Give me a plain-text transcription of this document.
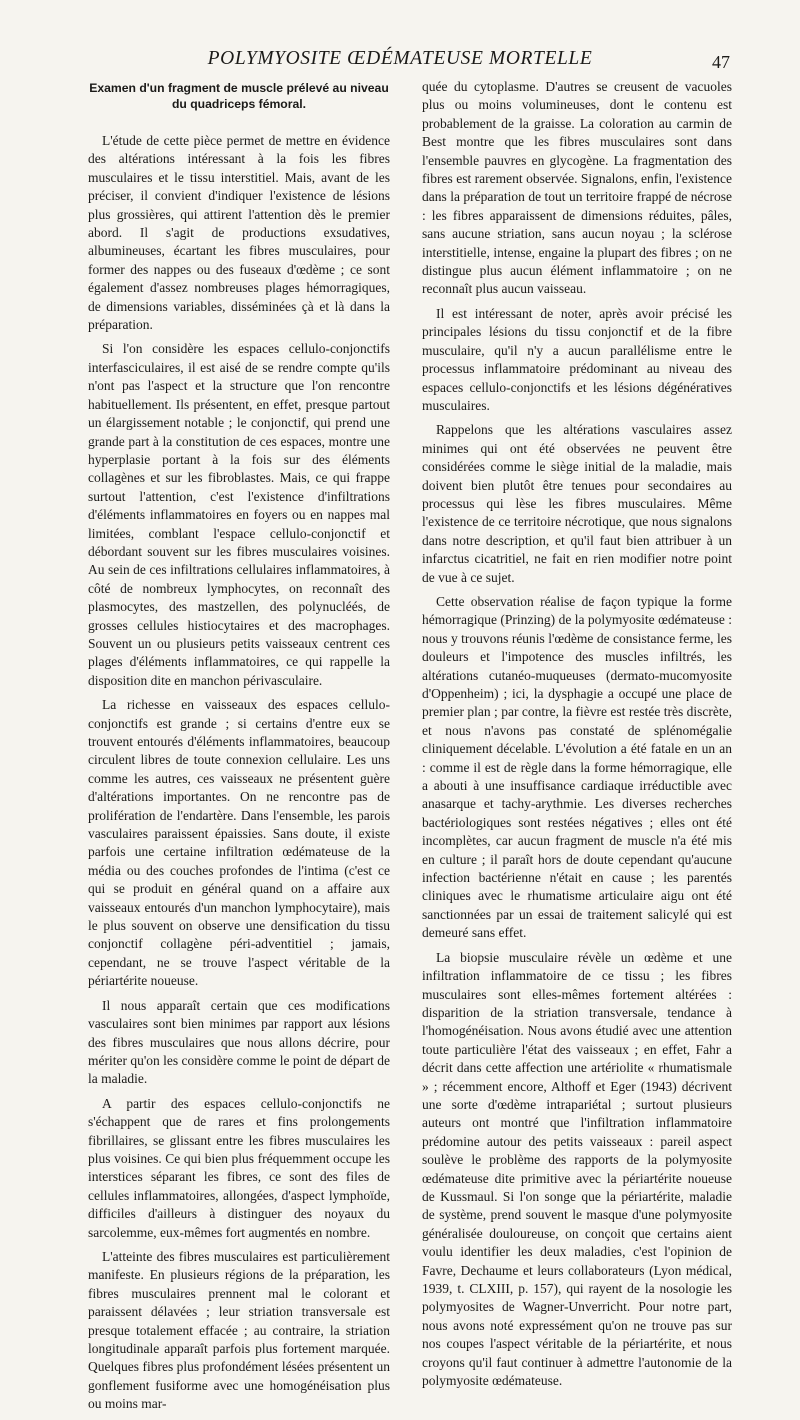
POLYMYOSITE ŒDÉMATEUSE MORTELLE	47
Examen d'un fragment de muscle prélevé au niveau du quadriceps fémoral.

L'étude de cette pièce permet de mettre en évidence des altérations intéressant à la fois les fibres musculaires et le tissu interstitiel. Mais, avant de les préciser, il convient d'indiquer l'existence de lésions plus grossières, qui attirent l'attention dès le premier abord. Il s'agit de productions exsudatives, albumineuses, écartant les fibres musculaires, pour former des nappes ou des fuseaux d'œdème ; ce sont également d'assez nombreuses plages hémorragiques, de dimensions variables, disséminées çà et là dans la préparation.

Si l'on considère les espaces cellulo-conjonctifs interfasciculaires, il est aisé de se rendre compte qu'ils n'ont pas l'aspect et la structure que l'on rencontre habituellement. Ils présentent, en effet, presque partout un élargissement notable ; le conjonctif, qui prend une grande part à la constitution de ces espaces, montre une hyperplasie portant à la fois sur des éléments collagènes et sur les fibroblastes. Mais, ce qui frappe surtout l'attention, c'est l'existence d'infiltrations d'éléments inflammatoires en foyers ou en nappes mal limitées, comblant l'espace cellulo-conjonctif et débordant souvent sur les fibres musculaires voisines. Au sein de ces infiltrations cellulaires inflammatoires, à côté de nombreux lymphocytes, on reconnaît des plasmocytes, des mastzellen, des polynucléés, de grosses cellules histiocytaires et des macrophages. Souvent un ou plusieurs petits vaisseaux centrent ces plages d'éléments inflammatoires, ce qui rappelle la disposition dite en manchon périvasculaire.

La richesse en vaisseaux des espaces cellulo-conjonctifs est grande ; si certains d'entre eux se trouvent entourés d'éléments inflammatoires, beaucoup circulent libres de toute connexion cellulaire. Les uns comme les autres, ces vaisseaux ne présentent guère d'altérations importantes. On ne rencontre pas de prolifération de l'endartère. Dans l'ensemble, les parois vasculaires paraissent épaissies. Sans doute, il existe parfois une certaine infiltration œdémateuse de la média ou des couches profondes de l'intima (c'est ce qui se produit en général quand on a affaire aux vaisseaux entourés d'un manchon lymphocytaire), mais le plus souvent on observe une densification du tissu conjonctif collagène péri-adventitiel ; jamais, cependant, ne se trouve l'aspect véritable de la périartérite noueuse.

Il nous apparaît certain que ces modifications vasculaires sont bien minimes par rapport aux lésions des fibres musculaires que nous allons décrire, pour mériter qu'on les considère comme le point de départ de la maladie.

A partir des espaces cellulo-conjonctifs ne s'échappent que de rares et fins prolongements fibrillaires, se glissant entre les fibres musculaires les plus voisines. Ce qui bien plus fréquemment occupe les interstices séparant les fibres, ce sont des files de cellules inflammatoires, allongées, d'aspect lymphoïde, difficiles d'ailleurs à distinguer des noyaux du sarcolemme, eux-mêmes fort augmentés en nombre.

L'atteinte des fibres musculaires est particulièrement manifeste. En plusieurs régions de la préparation, les fibres musculaires prennent mal le colorant et paraissent délavées ; leur striation transversale est presque totalement effacée ; au contraire, la striation longitudinale apparaît parfois plus fortement marquée. Quelques fibres plus profondément lésées présentent un gonflement fusiforme avec une homogénéisation plus ou moins mar-

quée du cytoplasme. D'autres se creusent de vacuoles plus ou moins volumineuses, dont le contenu est probablement de la graisse. La coloration au carmin de Best montre que les fibres musculaires sont dans l'ensemble pauvres en glycogène. La fragmentation des fibres est rarement observée. Signalons, enfin, l'existence dans la préparation de tout un territoire frappé de nécrose : les fibres apparaissent de dimensions réduites, pâles, sans aucune striation, sans aucun noyau ; la sclérose interstitielle, intense, engaine la plupart des fibres ; on ne distingue plus aucun élément inflammatoire ; on ne reconnaît plus aucun vaisseau.

Il est intéressant de noter, après avoir précisé les principales lésions du tissu conjonctif et de la fibre musculaire, qu'il n'y a aucun parallélisme entre le processus inflammatoire prédominant au niveau des espaces cellulo-conjonctifs et les lésions dégénératives musculaires.

Rappelons que les altérations vasculaires assez minimes qui ont été observées ne peuvent être considérées comme le siège initial de la maladie, mais doivent bien plutôt être tenues pour secondaires au processus qui lèse les fibres musculaires. Même l'existence de ce territoire nécrotique, que nous signalons dans notre description, et qu'il faut bien attribuer à un infarctus cicatritiel, ne fait en rien modifier notre point de vue à ce sujet.

Cette observation réalise de façon typique la forme hémorragique (Prinzing) de la polymyosite œdémateuse : nous y trouvons réunis l'œdème de consistance ferme, les douleurs et l'impotence des muscles infiltrés, les altérations cutanéo-muqueuses (dermato-mucomyosite d'Oppenheim) ; ici, la dysphagie a occupé une place de premier plan ; par contre, la fièvre est restée très discrète, et nous n'avons pas constaté de splénomégalie cliniquement décelable. L'évolution a été fatale en un an : comme il est de règle dans la forme hémorragique, elle a abouti à une insuffisance cardiaque irréductible avec anasarque et tachy-arythmie. Les diverses recherches bactériologiques sont restées négatives ; elles ont été incomplètes, car aucun fragment de muscle n'a été mis en culture ; il paraît hors de doute cependant qu'aucune infection bactérienne n'était en cause ; les parentés cliniques avec le rhumatisme articulaire aigu ont été sanctionnées par un essai de traitement salicylé qui est demeuré sans effet.

La biopsie musculaire révèle un œdème et une infiltration inflammatoire de ce tissu ; les fibres musculaires sont elles-mêmes fortement altérées : disparition de la striation transversale, tendance à l'homogénéisation. Nous avons étudié avec une attention toute particulière l'état des vaisseaux ; en effet, Fahr a décrit dans cette affection une artériolite « rhumatismale » ; récemment encore, Althoff et Eger (1943) décrivent une sorte d'œdème intrapariétal ; surtout plusieurs auteurs ont montré que l'infiltration inflammatoire prédomine autour des petits vaisseaux : pareil aspect soulève le problème des rapports de la polymyosite œdémateuse dite primitive avec la périartérite noueuse de Kussmaul. Si l'on songe que la périartérite, maladie de système, prend souvent le masque d'une polymyosite généralisée douloureuse, on conçoit que certains aient voulu identifier les deux maladies, c'est l'opinion de Favre, Dechaume et leurs collaborateurs (Lyon médical, 1939, t. CLXIII, p. 157), qui rayent de la nosologie les polymyosites de Wagner-Unverricht. Pour notre part, nous avons noté expressément qu'on ne trouve pas sur nos coupes l'aspect véritable de la périartérite, et nous croyons qu'il faut continuer à admettre l'autonomie de la polymyosite œdémateuse.
